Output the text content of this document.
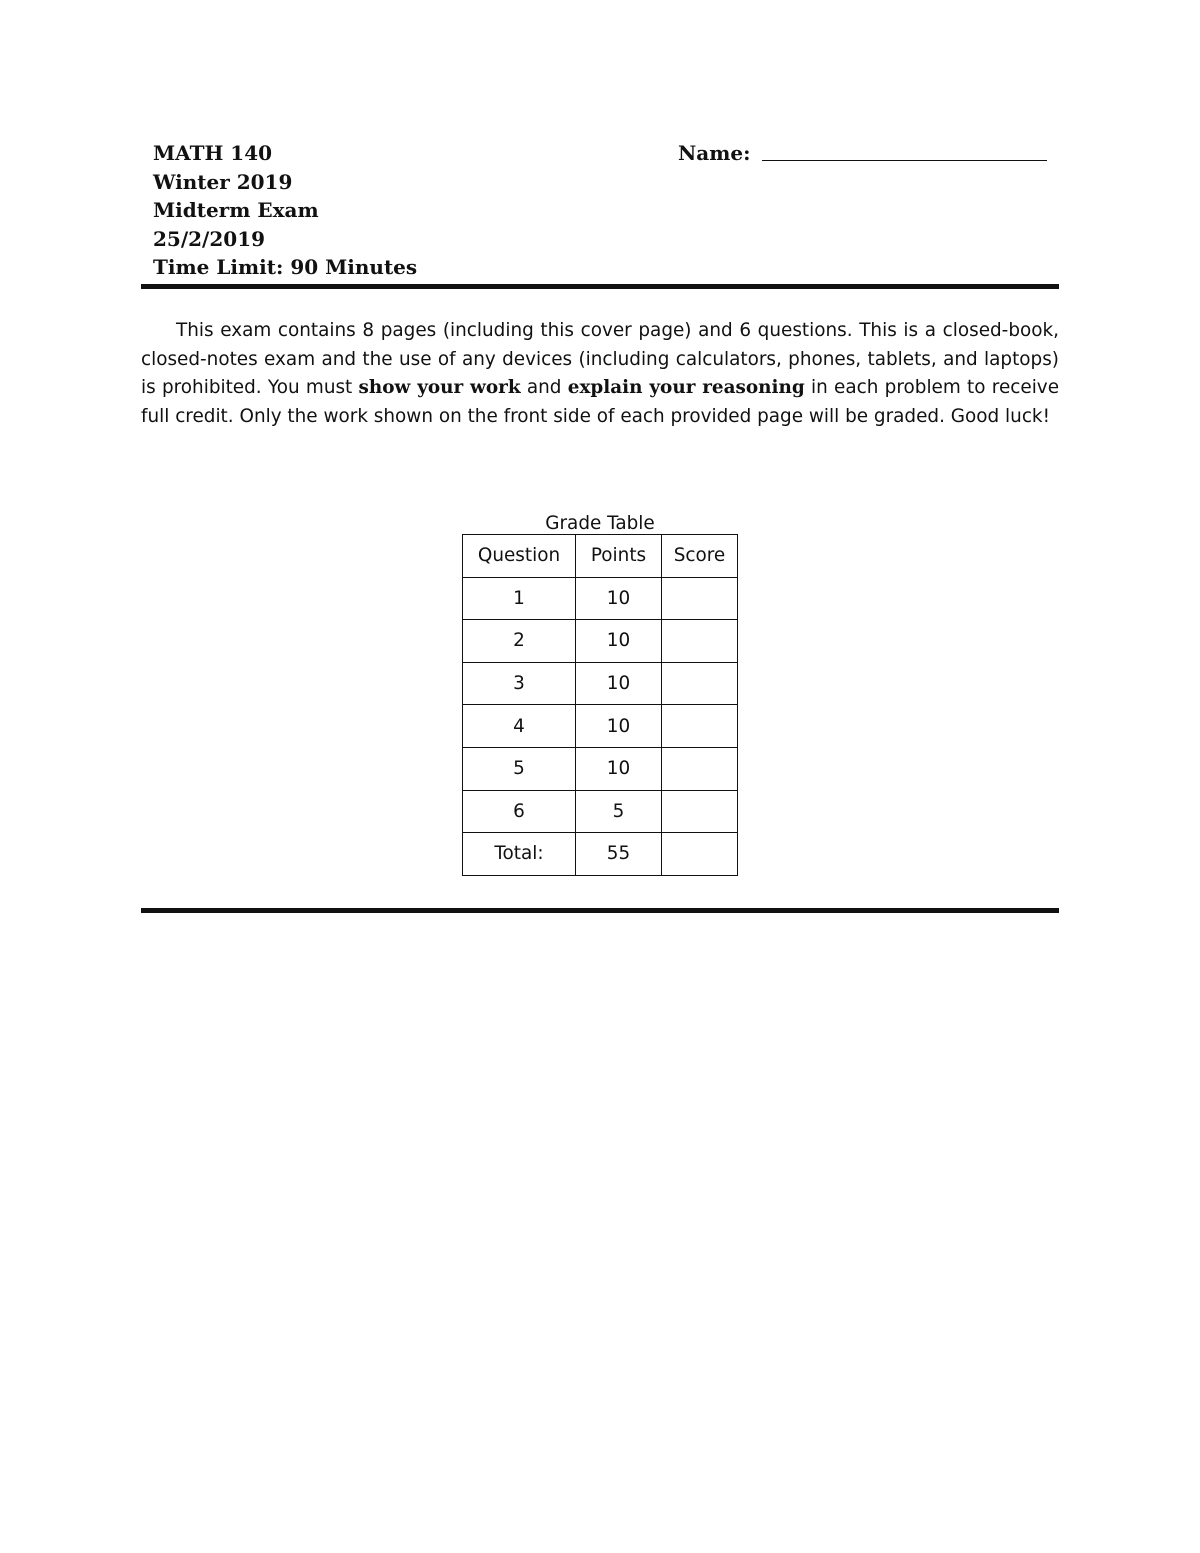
MATH 140
Winter 2019
Midterm Exam
25/2/2019
Time Limit: 90 Minutes
Name:
This exam contains 8 pages (including this cover page) and 6 questions. This is a closed-book, closed-notes exam and the use of any devices (including calculators, phones, tablets, and laptops) is prohibited. You must show your work and explain your reasoning in each problem to receive full credit. Only the work shown on the front side of each provided page will be graded. Good luck!
Grade Table
Question	Points	Score
1	10	
2	10	
3	10	
4	10	
5	10	
6	5	
Total:	55	
